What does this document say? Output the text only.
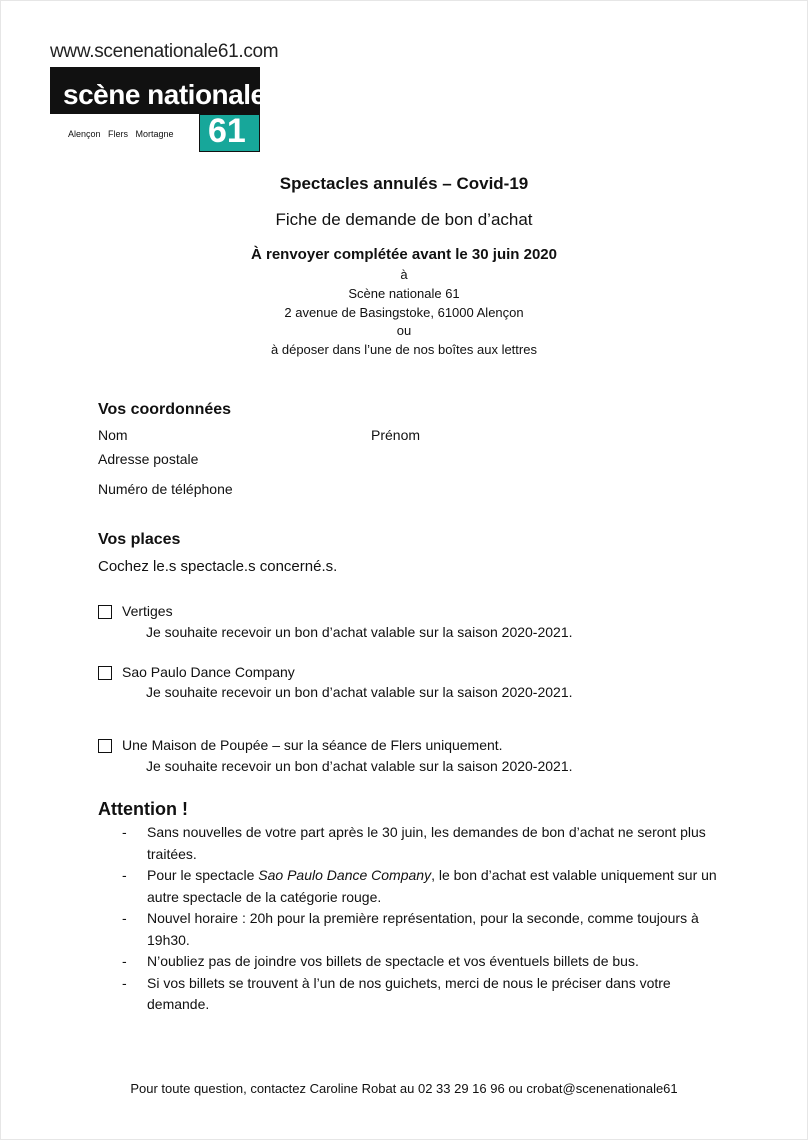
www.scenenationale61.com
scène nationale
Alençon   Flers   Mortagne 61
Spectacles annulés – Covid-19
Fiche de demande de bon d’achat
À renvoyer complétée avant le 30 juin 2020
à
Scène nationale 61
2 avenue de Basingstoke, 61000 Alençon
ou
à déposer dans l’une de nos boîtes aux lettres
Vos coordonnées
Nom	Prénom
Adresse postale
Numéro de téléphone
Vos places
Cochez le.s spectacle.s concerné.s.
Vertiges
Je souhaite recevoir un bon d’achat valable sur la saison 2020-2021.
Sao Paulo Dance Company
Je souhaite recevoir un bon d’achat valable sur la saison 2020-2021.
Une Maison de Poupée – sur la séance de Flers uniquement.
Je souhaite recevoir un bon d’achat valable sur la saison 2020-2021.
Attention !
- Sans nouvelles de votre part après le 30 juin, les demandes de bon d’achat ne seront plus traitées.
- Pour le spectacle Sao Paulo Dance Company, le bon d’achat est valable uniquement sur un autre spectacle de la catégorie rouge.
- Nouvel horaire : 20h pour la première représentation, pour la seconde, comme toujours à 19h30.
- N’oubliez pas de joindre vos billets de spectacle et vos éventuels billets de bus.
- Si vos billets se trouvent à l’un de nos guichets, merci de nous le préciser dans votre demande.
Pour toute question, contactez Caroline Robat au 02 33 29 16 96 ou crobat@scenenationale61
